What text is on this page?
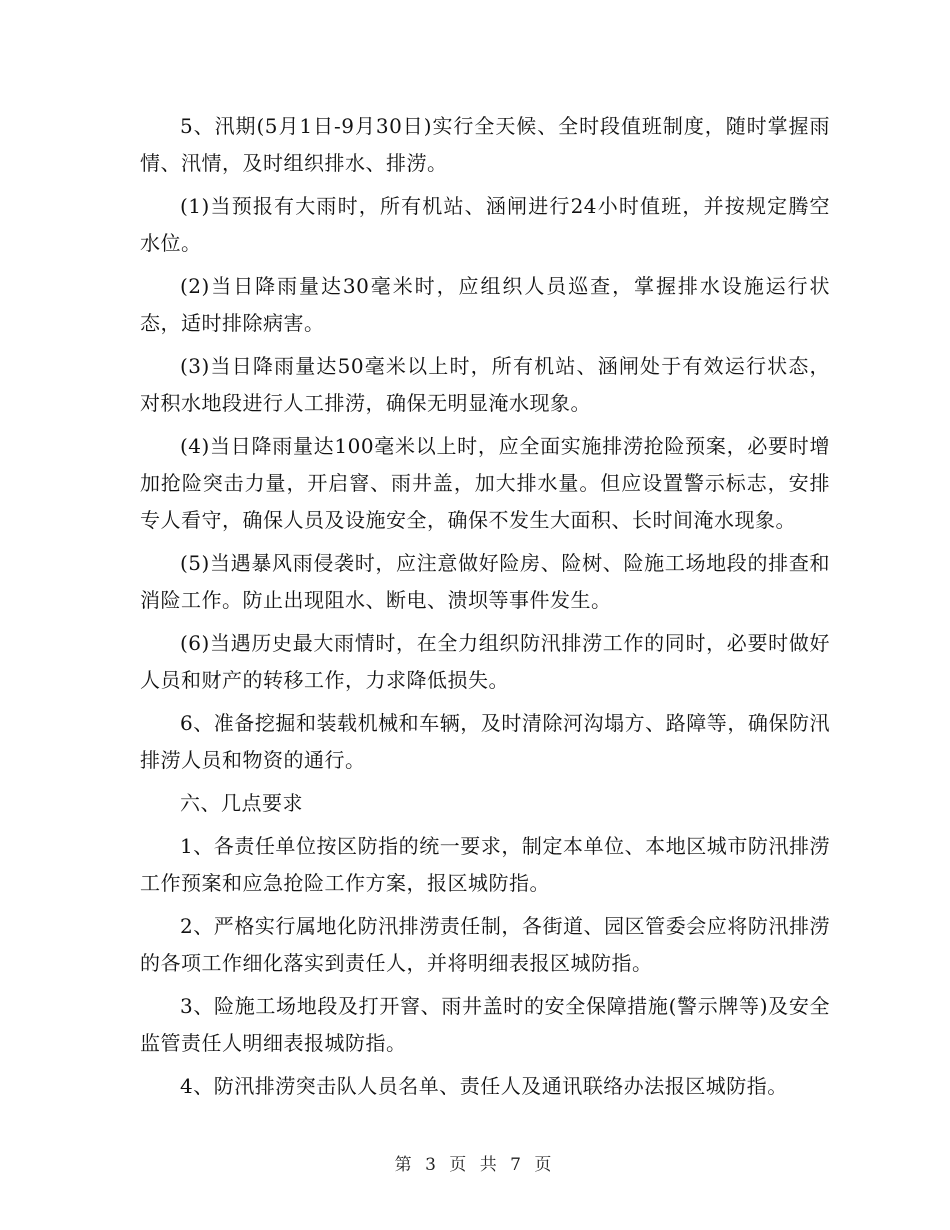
5、汛期(5月1日-9月30日)实行全天候、全时段值班制度，随时掌握雨情、汛情，及时组织排水、排涝。

(1)当预报有大雨时，所有机站、涵闸进行24小时值班，并按规定腾空水位。

(2)当日降雨量达30毫米时，应组织人员巡查，掌握排水设施运行状态，适时排除病害。

(3)当日降雨量达50毫米以上时，所有机站、涵闸处于有效运行状态，对积水地段进行人工排涝，确保无明显淹水现象。

(4)当日降雨量达100毫米以上时，应全面实施排涝抢险预案，必要时增加抢险突击力量，开启窨、雨井盖，加大排水量。但应设置警示标志，安排专人看守，确保人员及设施安全，确保不发生大面积、长时间淹水现象。

(5)当遇暴风雨侵袭时，应注意做好险房、险树、险施工场地段的排查和消险工作。防止出现阻水、断电、溃坝等事件发生。

(6)当遇历史最大雨情时，在全力组织防汛排涝工作的同时，必要时做好人员和财产的转移工作，力求降低损失。

6、准备挖掘和装载机械和车辆，及时清除河沟塌方、路障等，确保防汛排涝人员和物资的通行。

六、几点要求

1、各责任单位按区防指的统一要求，制定本单位、本地区城市防汛排涝工作预案和应急抢险工作方案，报区城防指。

2、严格实行属地化防汛排涝责任制，各街道、园区管委会应将防汛排涝的各项工作细化落实到责任人，并将明细表报区城防指。

3、险施工场地段及打开窨、雨井盖时的安全保障措施(警示牌等)及安全监管责任人明细表报城防指。

4、防汛排涝突击队人员名单、责任人及通讯联络办法报区城防指。

第 3 页 共 7 页
